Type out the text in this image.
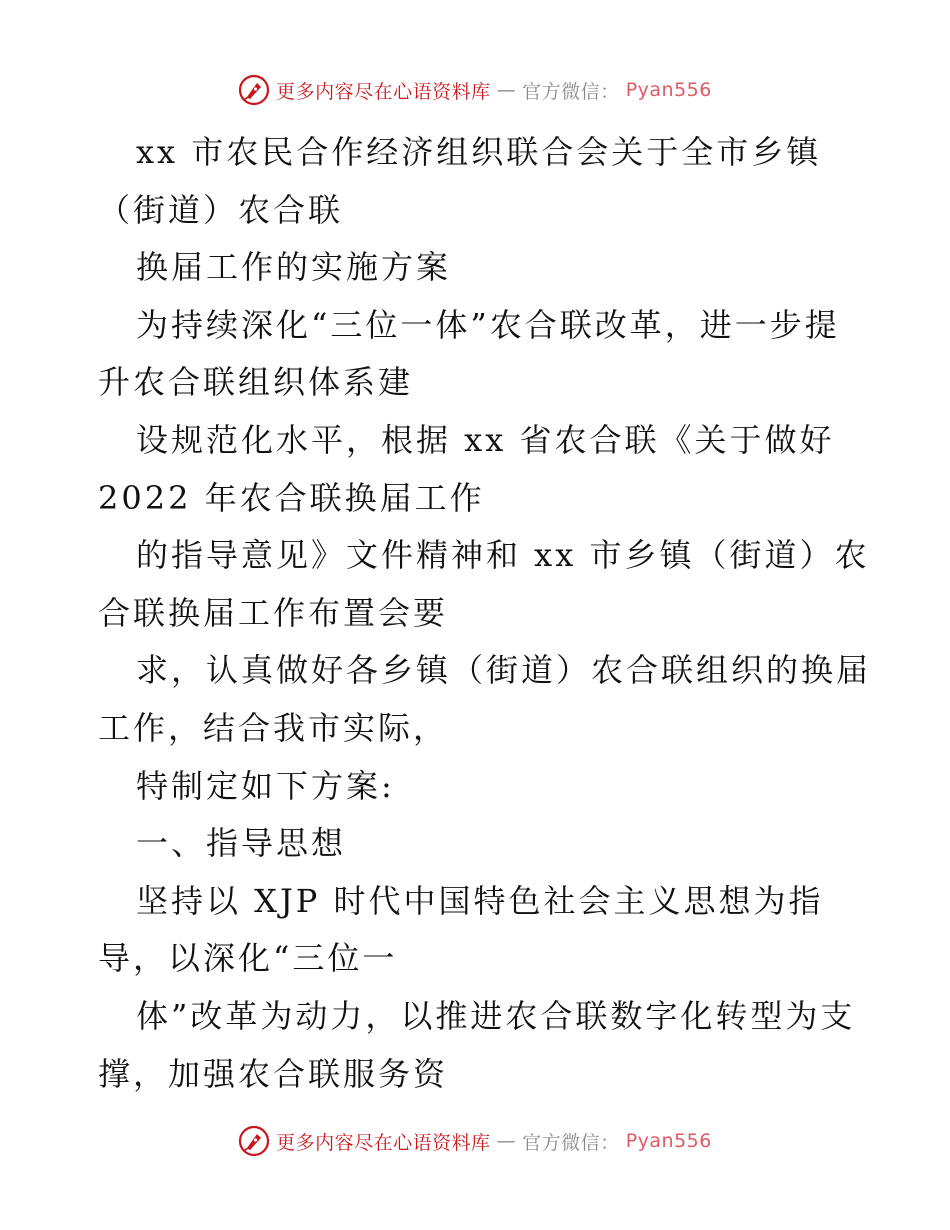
更多内容尽在心语资料库 — 官方微信： Pyan556
xx 市农民合作经济组织联合会关于全市乡镇
（街道）农合联
换届工作的实施方案
为持续深化“三位一体”农合联改革，进一步提
升农合联组织体系建
设规范化水平，根据 xx 省农合联《关于做好
2022 年农合联换届工作
的指导意见》文件精神和 xx 市乡镇（街道）农
合联换届工作布置会要
求，认真做好各乡镇（街道）农合联组织的换届
工作，结合我市实际，
特制定如下方案:
一、指导思想
坚持以 XJP 时代中国特色社会主义思想为指
导，以深化“三位一
体”改革为动力，以推进农合联数字化转型为支
撑，加强农合联服务资
更多内容尽在心语资料库 — 官方微信： Pyan556
